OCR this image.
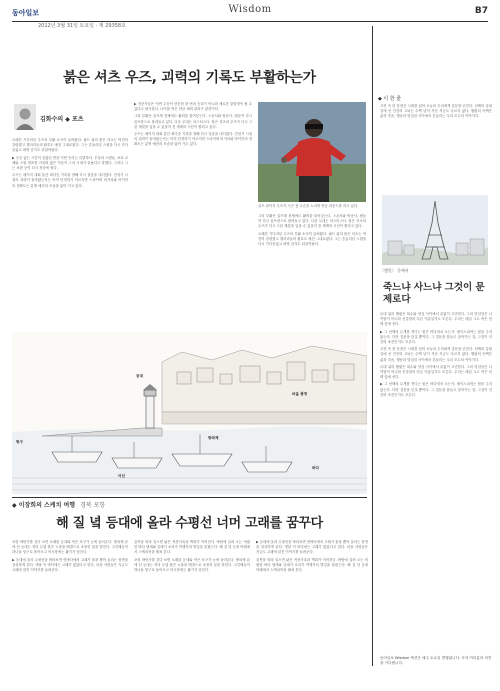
동아일보	Wisdom	B7
2012년 3월 31일 토요일 · 제 29358호
붉은 셔츠 우즈, 괴력의 기록도 부활하는가
김화수의 ◆ 포츠

오래간 기다리던 우즈의 부활 소식이 들려왔다. 필드 위의 붉은 셔츠는 여전히 강렬했고 갤러리들의 환호도 예전 그대로였다. 그는 흔들리던 스윙을 다시 가다듬었고 퍼팅 감각도 되살아났다.

▶ 우승 없는 시간이 길었던 만큼 이번 승리는 특별하다. 부상과 스캔들, 코치 교체와 스윙 개조를 거치며 많은 이들이 그의 시대가 끝났다고 말했다. 그러나 그는 보란 듯이 다시 정상에 섰다.

우즈는 메이저 대회 통산 최다승 기록을 향해 다시 걸음을 내디뎠다. 전성기 시절의 괴력이 돌아왔는지는 아직 단정하기 이르지만 드라이버 비거리와 아이언의 정확도는 분명 예전의 모습을 닮아 가고 있다.

▶ 전문가들은 이번 우승이 단순한 한 번의 승리가 아니라 새로운 출발점이 될 수 있다고 평가한다. 나이를 먹은 만큼 체력 관리가 관건이다.

그의 부활은 골프계 전체에도 활력을 불어넣는다. 스폰서와 방송사, 팬들이 다시 골프장으로 몰려들고 있다. 다음 무대는 마스터스다. 붉은 셔츠의 우즈가 다시 그린 재킷을 입을 수 있을지 전 세계의 시선이 쏠리고 있다.

우즈는 메이저 대회 통산 최다승 기록을 향해 다시 걸음을 내디뎠다. 전성기 시절의 괴력이 돌아왔는지는 아직 단정하기 이르지만 드라이버 비거리와 아이언의 정확도는 분명 예전의 모습을 닮아 가고 있다.

골프 타이거 우즈가 시즌 첫 우승을 노리며 연습 라운드를 하고 있다.

그의 부활은 골프계 전체에도 활력을 불어넣는다. 스폰서와 방송사, 팬들이 다시 골프장으로 몰려들고 있다. 다음 무대는 마스터스다. 붉은 셔츠의 우즈가 다시 그린 재킷을 입을 수 있을지 전 세계의 시선이 쏠리고 있다.

오래간 기다리던 우즈의 부활 소식이 들려왔다. 필드 위의 붉은 셔츠는 여전히 강렬했고 갤러리들의 환호도 예전 그대로였다. 그는 흔들리던 스윙을 다시 가다듬었고 퍼팅 감각도 되살아났다.

항구
어선
등대
방파제
마을 풍경
바다
◆ 이장희의 스케치 여행 경북 포항
해 질 녘 등대에 올라 수평선 너머 고래를 꿈꾸다

포항 바닷가를 걷다 보면 오래된 등대와 작은 포구가 눈에 들어온다. 방파제 끝에 선 등대는 저녁 무렵 붉은 노을을 배경으로 조용히 불을 밝힌다. 고깃배들이 하나둘 항구로 돌아오고 어시장에는 활기가 넘친다.

▶ 등대에 올라 수평선을 바라보면 먼바다에서 고래가 물을 뿜어 올리는 장면을 상상하게 된다. 옛날 이 바다에는 고래가 많았다고 한다. 마을 사람들은 지금도 고래에 얽힌 이야기를 들려준다.

골목을 따라 걸으면 낡은 적산가옥과 벽화가 이어진다. 바람에 실려 오는 비릿한 바다 냄새와 갈매기 소리가 여행자의 발길을 붙잡는다. 해 질 녘 등대 아래에서 스케치북을 펼쳐 본다.

포항 바닷가를 걷다 보면 오래된 등대와 작은 포구가 눈에 들어온다. 방파제 끝에 선 등대는 저녁 무렵 붉은 노을을 배경으로 조용히 불을 밝힌다. 고깃배들이 하나둘 항구로 돌아오고 어시장에는 활기가 넘친다.

▶ 등대에 올라 수평선을 바라보면 먼바다에서 고래가 물을 뿜어 올리는 장면을 상상하게 된다. 옛날 이 바다에는 고래가 많았다고 한다. 마을 사람들은 지금도 고래에 얽힌 이야기를 들려준다.

골목을 따라 걸으면 낡은 적산가옥과 벽화가 이어진다. 바람에 실려 오는 비릿한 바다 냄새와 갈매기 소리가 여행자의 발길을 붙잡는다. 해 질 녘 등대 아래에서 스케치북을 펼쳐 본다.

◆ 이 한 줄

고전 속 한 문장은 시대를 넘어 오늘의 우리에게 질문을 던진다. 선택의 갈림길에 선 인간의 고뇌는 수백 년이 지난 지금도 다르지 않다. 햄릿의 독백은 삶과 죽음, 행동과 망설임 사이에서 흔들리는 우리 모두의 이야기다.

〈햄릿〉 중에서
죽느냐 사느냐 그것이 문제로다

무대 위의 햄릿은 복수와 양심 사이에서 끝없이 고민한다. 그의 망설임은 나약함이 아니라 신중함의 다른 이름일지도 모른다. 우리는 매일 크고 작은 선택 앞에 선다.

▶ 그 선택의 무게를 견디는 힘은 어디에서 오는가. 셰익스피어는 답을 주지 않는다. 다만 질문을 던질 뿐이다. 그 질문을 붙들고 살아가는 것, 그것이 인간의 조건인지도 모른다.

고전 속 한 문장은 시대를 넘어 오늘의 우리에게 질문을 던진다. 선택의 갈림길에 선 인간의 고뇌는 수백 년이 지난 지금도 다르지 않다. 햄릿의 독백은 삶과 죽음, 행동과 망설임 사이에서 흔들리는 우리 모두의 이야기다.

무대 위의 햄릿은 복수와 양심 사이에서 끝없이 고민한다. 그의 망설임은 나약함이 아니라 신중함의 다른 이름일지도 모른다. 우리는 매일 크고 작은 선택 앞에 선다.

▶ 그 선택의 무게를 견디는 힘은 어디에서 오는가. 셰익스피어는 답을 주지 않는다. 다만 질문을 던질 뿐이다. 그 질문을 붙들고 살아가는 것, 그것이 인간의 조건인지도 모른다.

동아일보 Wisdom 섹션은 매주 토요일 발행됩니다. 독자 여러분의 의견을 기다립니다.
